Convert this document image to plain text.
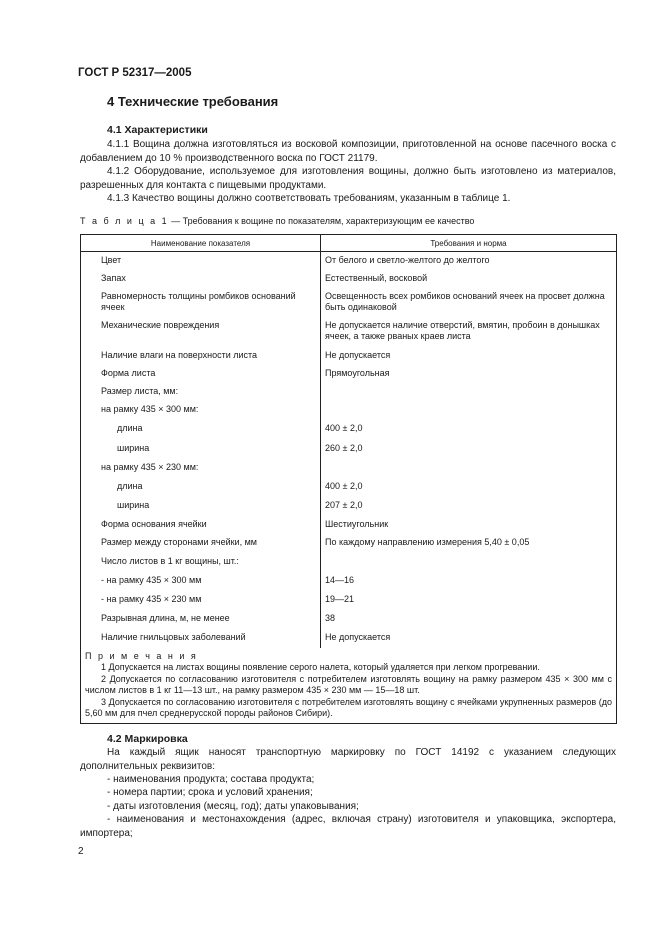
ГОСТ Р 52317—2005
4 Технические требования
4.1 Характеристики
4.1.1 Вощина должна изготовляться из восковой композиции, приготовленной на основе пасечного воска с добавлением до 10 % производственного воска по ГОСТ 21179.
4.1.2 Оборудование, используемое для изготовления вощины, должно быть изготовлено из материалов, разрешенных для контакта с пищевыми продуктами.
4.1.3 Качество вощины должно соответствовать требованиям, указанным в таблице 1.
Т а б л и ц а 1 — Требования к вощине по показателям, характеризующим ее качество
Наименование показателя	Требования и норма

Цвет	От белого и светло-желтого до желтого

Запах	Естественный, восковой

Равномерность толщины ромбиков оснований ячеек	Освещенность всех ромбиков оснований ячеек на просвет должна быть одинаковой

Механические повреждения	Не допускается наличие отверстий, вмятин, пробоин в донышках ячеек, а также рваных краев листа

Наличие влаги на поверхности листа	Не допускается

Форма листа	Прямоугольная

Размер листа, мм:	

на рамку 435 × 300 мм:	

длина	400 ± 2,0

ширина	260 ± 2,0

на рамку 435 × 230 мм:	

длина	400 ± 2,0

ширина	207 ± 2,0

Форма основания ячейки	Шестиугольник

Размер между сторонами ячейки, мм	По каждому направлению измерения 5,40 ± 0,05

Число листов в 1 кг вощины, шт.:	

- на рамку 435 × 300 мм	14—16

- на рамку 435 × 230 мм	19—21

Разрывная длина, м, не менее	38

Наличие гнильцовых заболеваний	Не допускается

П р и м е ч а н и я
1 Допускается на листах вощины появление серого налета, который удаляется при легком прогревании.
2 Допускается по согласованию изготовителя с потребителем изготовлять вощину на рамку размером 435 × 300 мм с числом листов в 1 кг 11—13 шт., на рамку размером 435 × 230 мм — 15—18 шт.
3 Допускается по согласованию изготовителя с потребителем изготовлять вощину с ячейками укрупненных размеров (до 5,60 мм для пчел среднерусской породы районов Сибири).	
4.2 Маркировка
На каждый ящик наносят транспортную маркировку по ГОСТ 14192 с указанием следующих дополнительных реквизитов:
- наименования продукта; состава продукта;
- номера партии; срока и условий хранения;
- даты изготовления (месяц, год); даты упаковывания;
- наименования и местонахождения (адрес, включая страну) изготовителя и упаковщика, экспортера, импортера;
2
